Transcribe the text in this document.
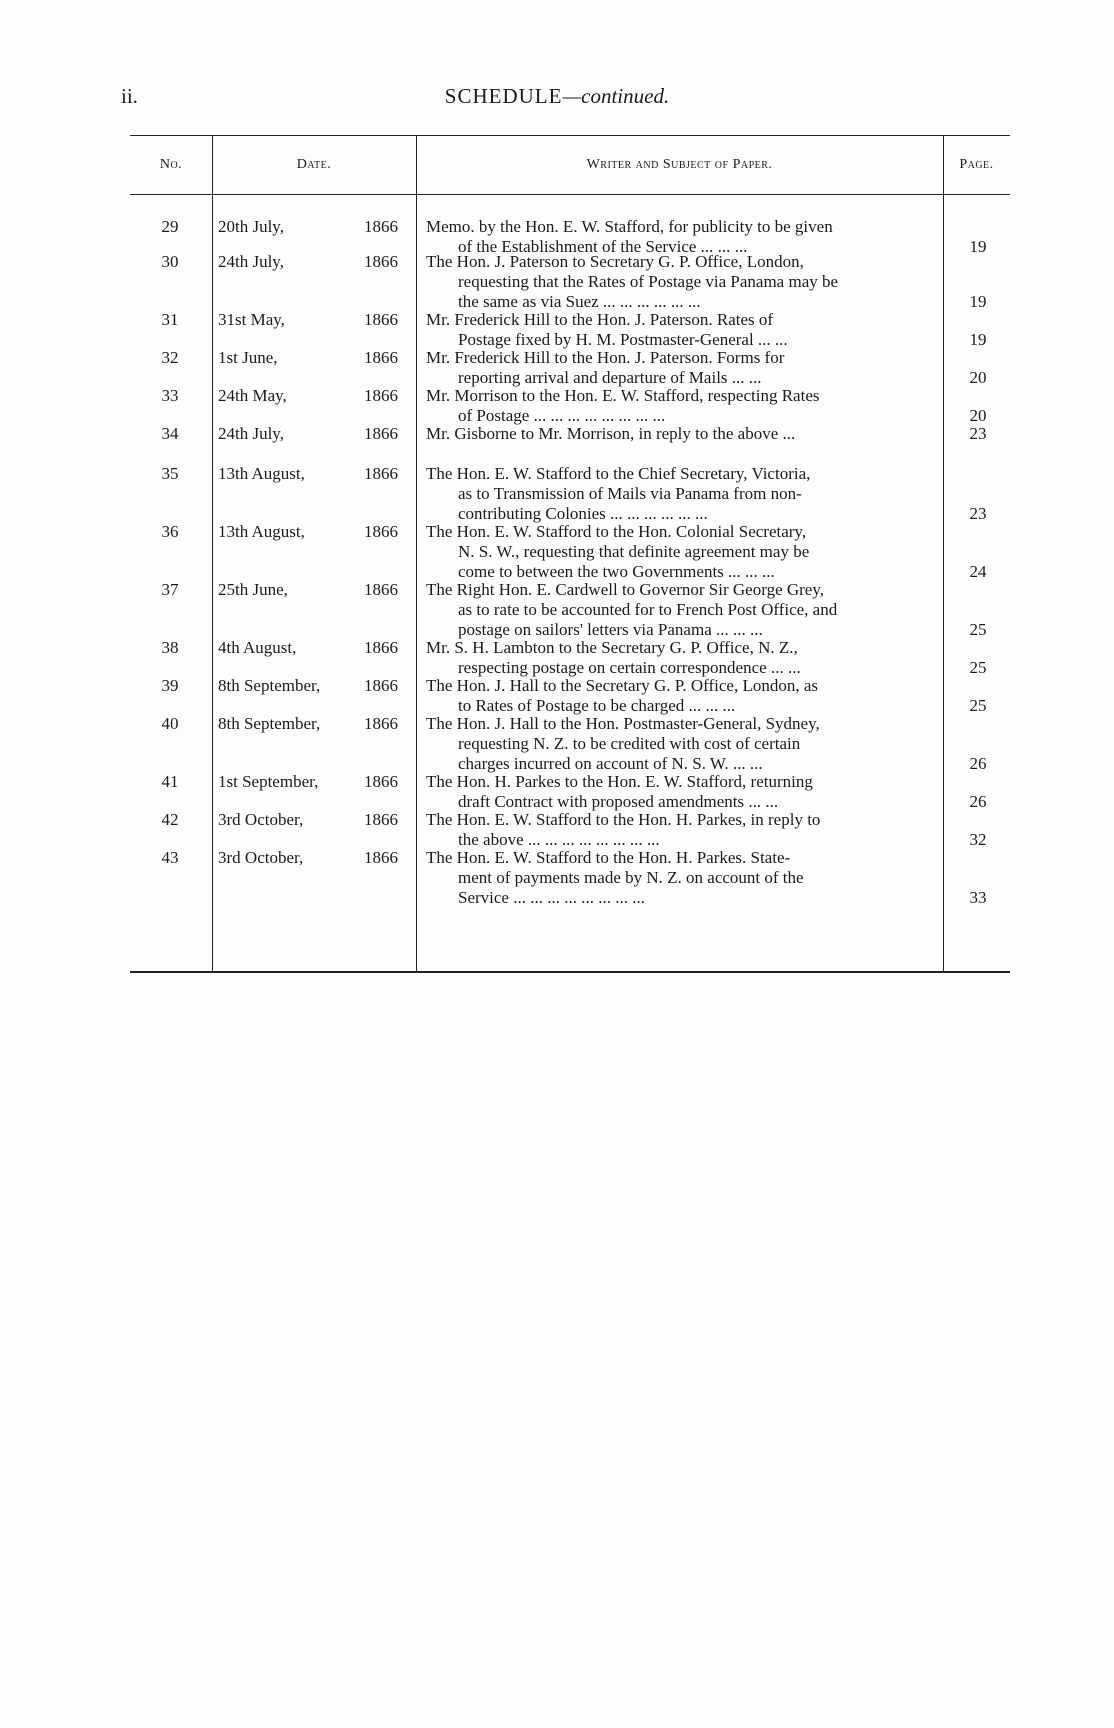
ii.	SCHEDULE—continued.
No.	Date.	Writer and Subject of Paper.	Page.
29	20th July,	1866 Memo. by the Hon. E. W. Stafford, for publicity to be given
of the Establishment of the Service ... ... ...	19
30	24th July,	1866 The Hon. J. Paterson to Secretary G. P. Office, London,
requesting that the Rates of Postage via Panama may be
the same as via Suez ... ... ... ... ... ...	19
31	31st May,	1866 Mr. Frederick Hill to the Hon. J. Paterson. Rates of
Postage fixed by H. M. Postmaster-General ... ...	19
32	1st June,	1866 Mr. Frederick Hill to the Hon. J. Paterson. Forms for
reporting arrival and departure of Mails ... ...	20
33	24th May,	1866 Mr. Morrison to the Hon. E. W. Stafford, respecting Rates
of Postage ... ... ... ... ... ... ... ...	20
34	24th July,	1866 Mr. Gisborne to Mr. Morrison, in reply to the above ...	23
35	13th August,	1866 The Hon. E. W. Stafford to the Chief Secretary, Victoria,
as to Transmission of Mails via Panama from non-
contributing Colonies ... ... ... ... ... ...	23
36	13th August,	1866 The Hon. E. W. Stafford to the Hon. Colonial Secretary,
N. S. W., requesting that definite agreement may be
come to between the two Governments ... ... ...	24
37	25th June,	1866 The Right Hon. E. Cardwell to Governor Sir George Grey,
as to rate to be accounted for to French Post Office, and
postage on sailors' letters via Panama ... ... ...	25
38	4th August,	1866 Mr. S. H. Lambton to the Secretary G. P. Office, N. Z.,
respecting postage on certain correspondence ... ...	25
39	8th September,	1866 The Hon. J. Hall to the Secretary G. P. Office, London, as
to Rates of Postage to be charged ... ... ...	25
40	8th September,	1866 The Hon. J. Hall to the Hon. Postmaster-General, Sydney,
requesting N. Z. to be credited with cost of certain
charges incurred on account of N. S. W. ... ...	26
41	1st September,	1866 The Hon. H. Parkes to the Hon. E. W. Stafford, returning
draft Contract with proposed amendments ... ...	26
42	3rd October,	1866 The Hon. E. W. Stafford to the Hon. H. Parkes, in reply to
the above ... ... ... ... ... ... ... ...	32
43	3rd October,	1866 The Hon. E. W. Stafford to the Hon. H. Parkes. State-
ment of payments made by N. Z. on account of the
Service ... ... ... ... ... ... ... ...	33
